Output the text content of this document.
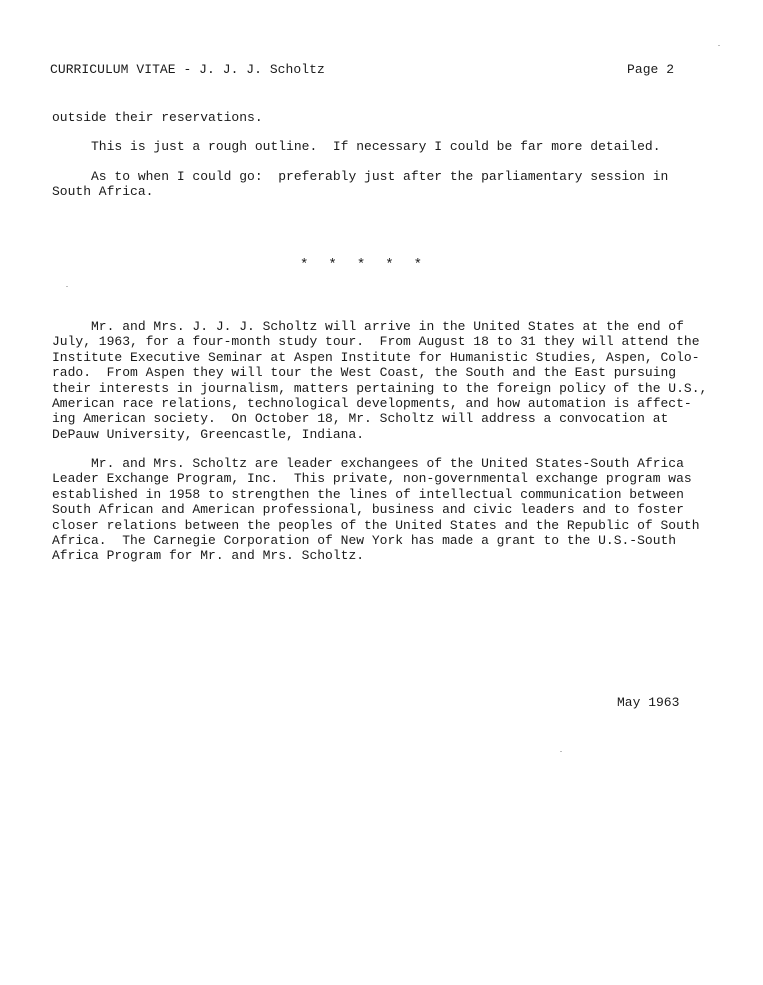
CURRICULUM VITAE - J. J. J. Scholtz	Page 2
outside their reservations.
This is just a rough outline.  If necessary I could be far more detailed.
As to when I could go:  preferably just after the parliamentary session in
South Africa.
* * * * *
Mr. and Mrs. J. J. J. Scholtz will arrive in the United States at the end of
July, 1963, for a four-month study tour.  From August 18 to 31 they will attend the
Institute Executive Seminar at Aspen Institute for Humanistic Studies, Aspen, Colo-
rado.  From Aspen they will tour the West Coast, the South and the East pursuing
their interests in journalism, matters pertaining to the foreign policy of the U.S.,
American race relations, technological developments, and how automation is affect-
ing American society.  On October 18, Mr. Scholtz will address a convocation at
DePauw University, Greencastle, Indiana.
Mr. and Mrs. Scholtz are leader exchangees of the United States-South Africa
Leader Exchange Program, Inc.  This private, non-governmental exchange program was
established in 1958 to strengthen the lines of intellectual communication between
South African and American professional, business and civic leaders and to foster
closer relations between the peoples of the United States and the Republic of South
Africa.  The Carnegie Corporation of New York has made a grant to the U.S.-South
Africa Program for Mr. and Mrs. Scholtz.
May 1963
